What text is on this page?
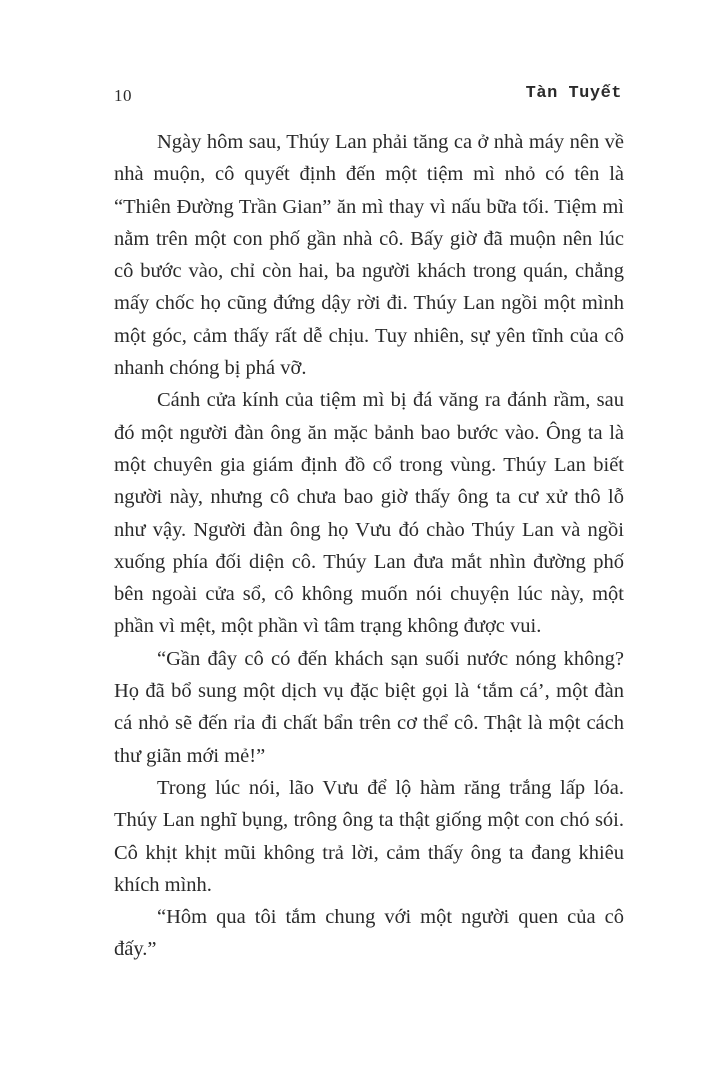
10	Tàn Tuyết

Ngày hôm sau, Thúy Lan phải tăng ca ở nhà máy nên về nhà muộn, cô quyết định đến một tiệm mì nhỏ có tên là “Thiên Đường Trần Gian” ăn mì thay vì nấu bữa tối. Tiệm mì nằm trên một con phố gần nhà cô. Bấy giờ đã muộn nên lúc cô bước vào, chỉ còn hai, ba người khách trong quán, chẳng mấy chốc họ cũng đứng dậy rời đi. Thúy Lan ngồi một mình một góc, cảm thấy rất dễ chịu. Tuy nhiên, sự yên tĩnh của cô nhanh chóng bị phá vỡ.

Cánh cửa kính của tiệm mì bị đá văng ra đánh rầm, sau đó một người đàn ông ăn mặc bảnh bao bước vào. Ông ta là một chuyên gia giám định đồ cổ trong vùng. Thúy Lan biết người này, nhưng cô chưa bao giờ thấy ông ta cư xử thô lỗ như vậy. Người đàn ông họ Vưu đó chào Thúy Lan và ngồi xuống phía đối diện cô. Thúy Lan đưa mắt nhìn đường phố bên ngoài cửa sổ, cô không muốn nói chuyện lúc này, một phần vì mệt, một phần vì tâm trạng không được vui.

“Gần đây cô có đến khách sạn suối nước nóng không? Họ đã bổ sung một dịch vụ đặc biệt gọi là ‘tắm cá’, một đàn cá nhỏ sẽ đến rỉa đi chất bẩn trên cơ thể cô. Thật là một cách thư giãn mới mẻ!”

Trong lúc nói, lão Vưu để lộ hàm răng trắng lấp lóa. Thúy Lan nghĩ bụng, trông ông ta thật giống một con chó sói. Cô khịt khịt mũi không trả lời, cảm thấy ông ta đang khiêu khích mình.

“Hôm qua tôi tắm chung với một người quen của cô đấy.”
